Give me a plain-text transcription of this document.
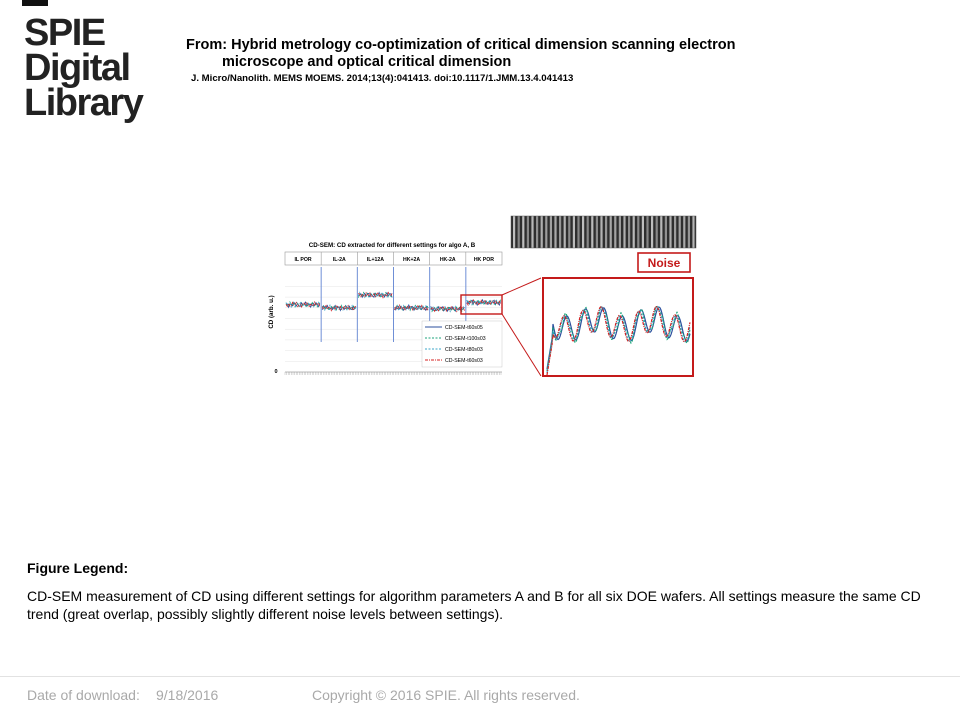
SPIE
Digital
Library
From: Hybrid metrology co-optimization of critical dimension scanning electron
microscope and optical critical dimension
J. Micro/Nanolith. MEMS MOEMS. 2014;13(4):041413. doi:10.1117/1.JMM.13.4.041413
CD-SEM: CD extracted for different settings for algo A, B
IL POR	IL-2A	IL+12A	HK+2A	HK-2A	HK POR
CD-SEM-t60s05
CD-SEM-t100s03
CD-SEM-t80s03
CD-SEM-t60s03
CD (arb. u.)
0
Noise
Figure Legend:
CD-SEM measurement of CD using different settings for algorithm parameters A and B for all six DOE wafers. All settings measure the same CD trend (great overlap, possibly slightly different noise levels between settings).
Date of download: 9/18/2016	Copyright © 2016 SPIE. All rights reserved.
